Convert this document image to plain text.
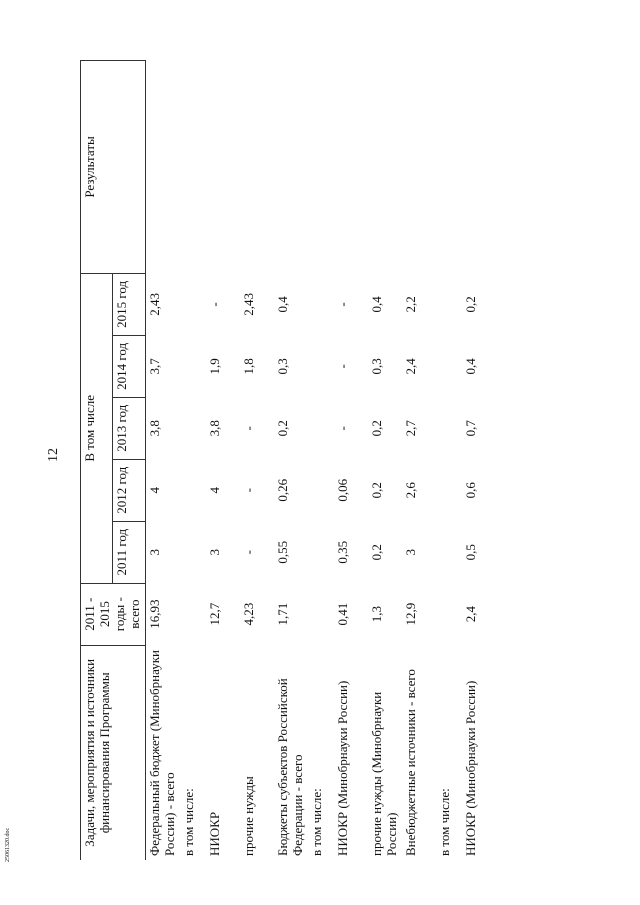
12
Задачи, мероприятия и источники финансирования Программы	2011 - 2015 годы - всего	В том числе					Результаты
		2011 год	2012 год	2013 год	2014 год	2015 год	
Федеральный бюджет (Минобрнауки России) - всего	16,93	3	4	3,8	3,7	2,43	
в том числе:							
НИОКР	12,7	3	4	3,8	1,9	-	
прочие нужды	4,23	-	-	-	1,8	2,43	
Бюджеты субъектов Российской Федерации - всего	1,71	0,55	0,26	0,2	0,3	0,4	
в том числе:							
НИОКР (Минобрнауки России)	0,41	0,35	0,06	-	-	-	
прочие нужды (Минобрнауки России)	1,3	0,2	0,2	0,2	0,3	0,4	
Внебюджетные источники - всего	12,9	3	2,6	2,7	2,4	2,2	
в том числе:							
НИОКР (Минобрнауки России)	2,4	0,5	0,6	0,7	0,4	0,2	
25061320.doc
